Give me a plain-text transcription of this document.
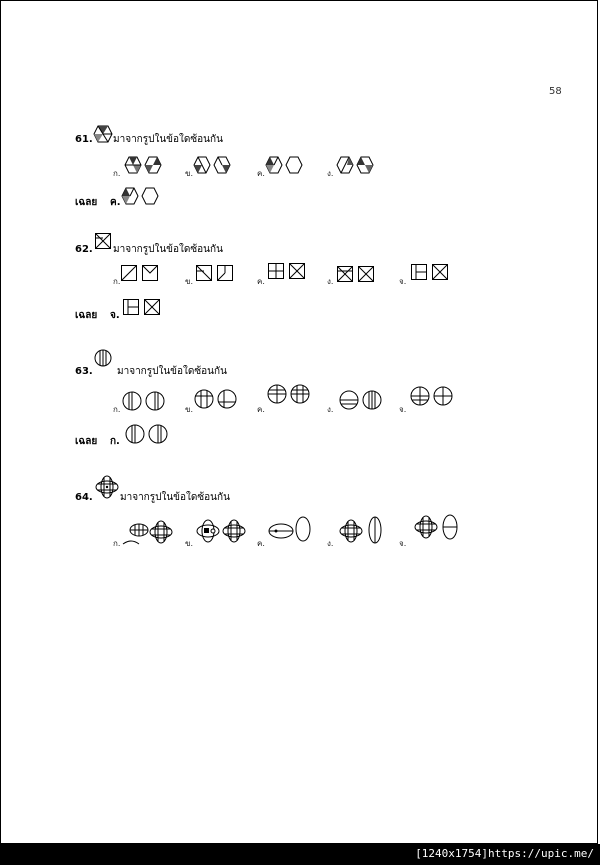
58
61. มาจากรูปในข้อใดซ้อนกัน
ก.	ข.	ค.	ง.
เฉลย ค.
62. มาจากรูปในข้อใดซ้อนกัน
ก.	ข.	ค.	ง.	จ.
เฉลย จ.
63. มาจากรูปในข้อใดซ้อนกัน
ก.	ข.	ค.	ง.	จ.
เฉลย ก.
64.	มาจากรูปในข้อใดซ้อนกัน
ก.	ข.	ค.	ง.	จ.
[1240x1754]https://upic.me/
